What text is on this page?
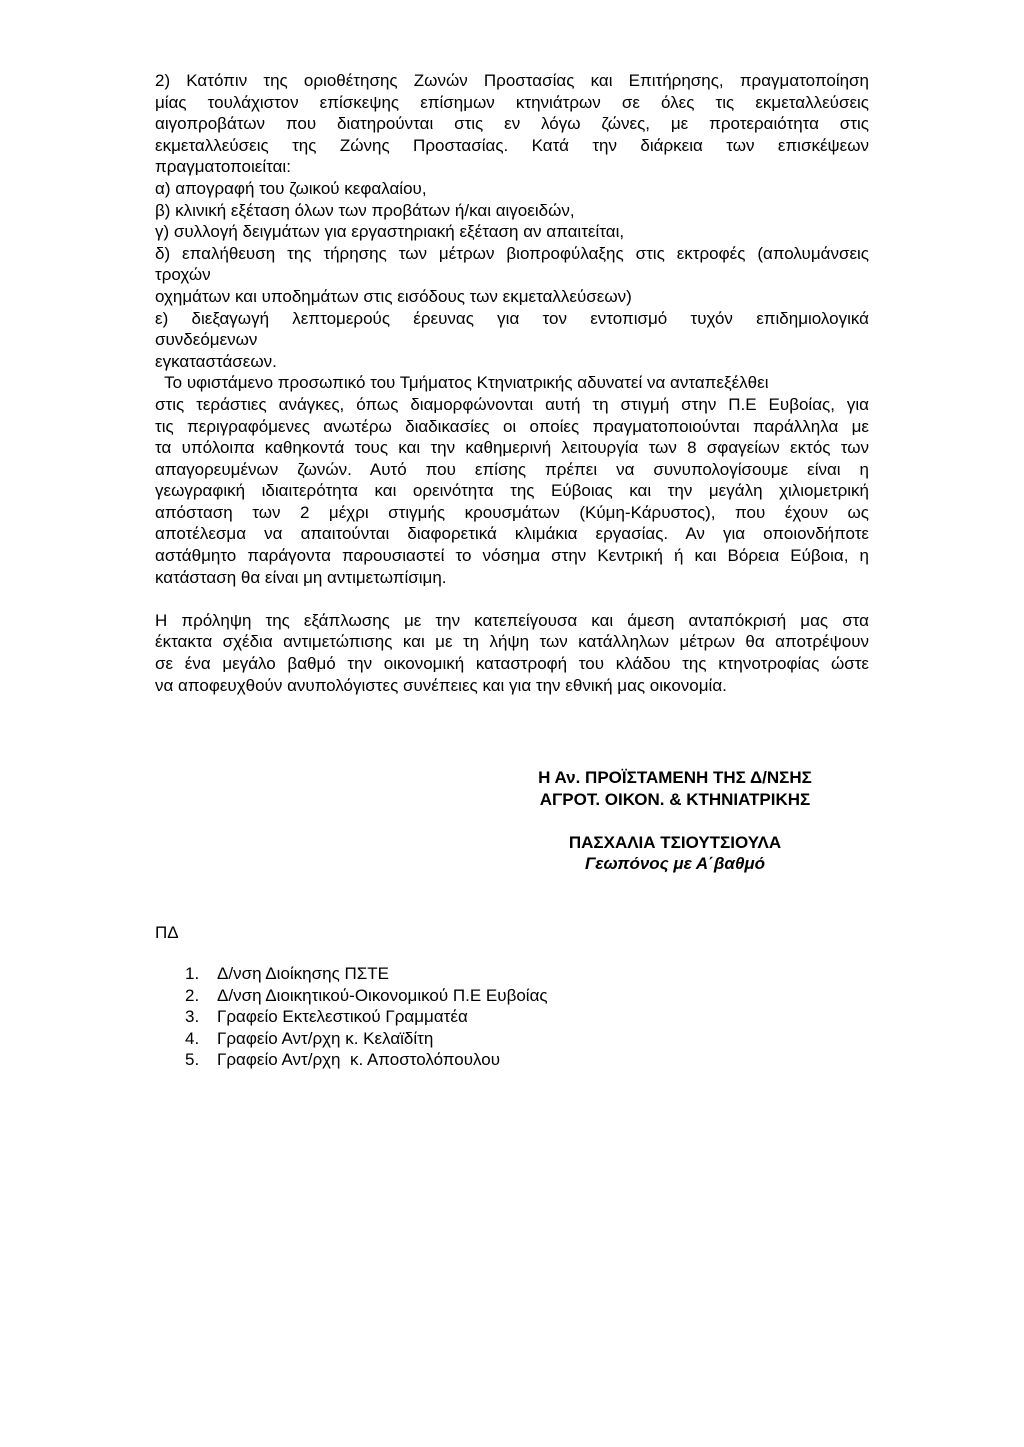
2) Κατόπιν της οριοθέτησης Ζωνών Προστασίας και Επιτήρησης, πραγματοποίηση
μίας τουλάχιστον επίσκεψης επίσημων κτηνιάτρων σε όλες τις εκμεταλλεύσεις
αιγοπροβάτων που διατηρούνται στις εν λόγω ζώνες, με προτεραιότητα στις
εκμεταλλεύσεις της Ζώνης Προστασίας. Κατά την διάρκεια των επισκέψεων
πραγματοποιείται:
α) απογραφή του ζωικού κεφαλαίου,
β) κλινική εξέταση όλων των προβάτων ή/και αιγοειδών,
γ) συλλογή δειγμάτων για εργαστηριακή εξέταση αν απαιτείται,
δ) επαλήθευση της τήρησης των μέτρων βιοπροφύλαξης στις εκτροφές (απολυμάνσεις
τροχών
οχημάτων και υποδημάτων στις εισόδους των εκμεταλλεύσεων)
ε) διεξαγωγή λεπτομερούς έρευνας για τον εντοπισμό τυχόν επιδημιολογικά
συνδεόμενων
εγκαταστάσεων.
Το υφιστάμενο προσωπικό του Τμήματος Κτηνιατρικής αδυνατεί να ανταπεξέλθει
στις τεράστιες ανάγκες, όπως διαμορφώνονται αυτή τη στιγμή στην Π.Ε Ευβοίας, για
τις περιγραφόμενες ανωτέρω διαδικασίες οι οποίες πραγματοποιούνται παράλληλα με
τα υπόλοιπα καθηκοντά τους και την καθημερινή λειτουργία των 8 σφαγείων εκτός των
απαγορευμένων ζωνών. Αυτό που επίσης πρέπει να συνυπολογίσουμε είναι η
γεωγραφική ιδιαιτερότητα και ορεινότητα της Εύβοιας και την μεγάλη χιλιομετρική
απόσταση των 2 μέχρι στιγμής κρουσμάτων (Κύμη-Κάρυστος), που έχουν ως
αποτέλεσμα να απαιτούνται διαφορετικά κλιμάκια εργασίας. Αν για οποιονδήποτε
αστάθμητο παράγοντα παρουσιαστεί το νόσημα στην Κεντρική ή και Βόρεια Εύβοια, η
κατάσταση θα είναι μη αντιμετωπίσιμη.
Η πρόληψη της εξάπλωσης με την κατεπείγουσα και άμεση ανταπόκρισή μας στα
έκτακτα σχέδια αντιμετώπισης και με τη λήψη των κατάλληλων μέτρων θα αποτρέψουν
σε ένα μεγάλο βαθμό την οικονομική καταστροφή του κλάδου της κτηνοτροφίας ώστε
να αποφευχθούν ανυπολόγιστες συνέπειες και για την εθνική μας οικονομία.
Η Αν. ΠΡΟΪΣΤΑΜΕΝΗ ΤΗΣ Δ/ΝΣΗΣ
ΑΓΡΟΤ. ΟΙΚΟΝ. & ΚΤΗΝΙΑΤΡΙΚΗΣ
ΠΑΣΧΑΛΙΑ ΤΣΙΟΥΤΣΙΟΥΛΑ
Γεωπόνος με Α΄βαθμό
ΠΔ
1. Δ/νση Διοίκησης ΠΣΤΕ
2. Δ/νση Διοικητικού-Οικονομικού Π.Ε Ευβοίας
3. Γραφείο Εκτελεστικού Γραμματέα
4. Γραφείο Αντ/ρχη κ. Κελαϊδίτη
5. Γραφείο Αντ/ρχη  κ. Αποστολόπουλου
